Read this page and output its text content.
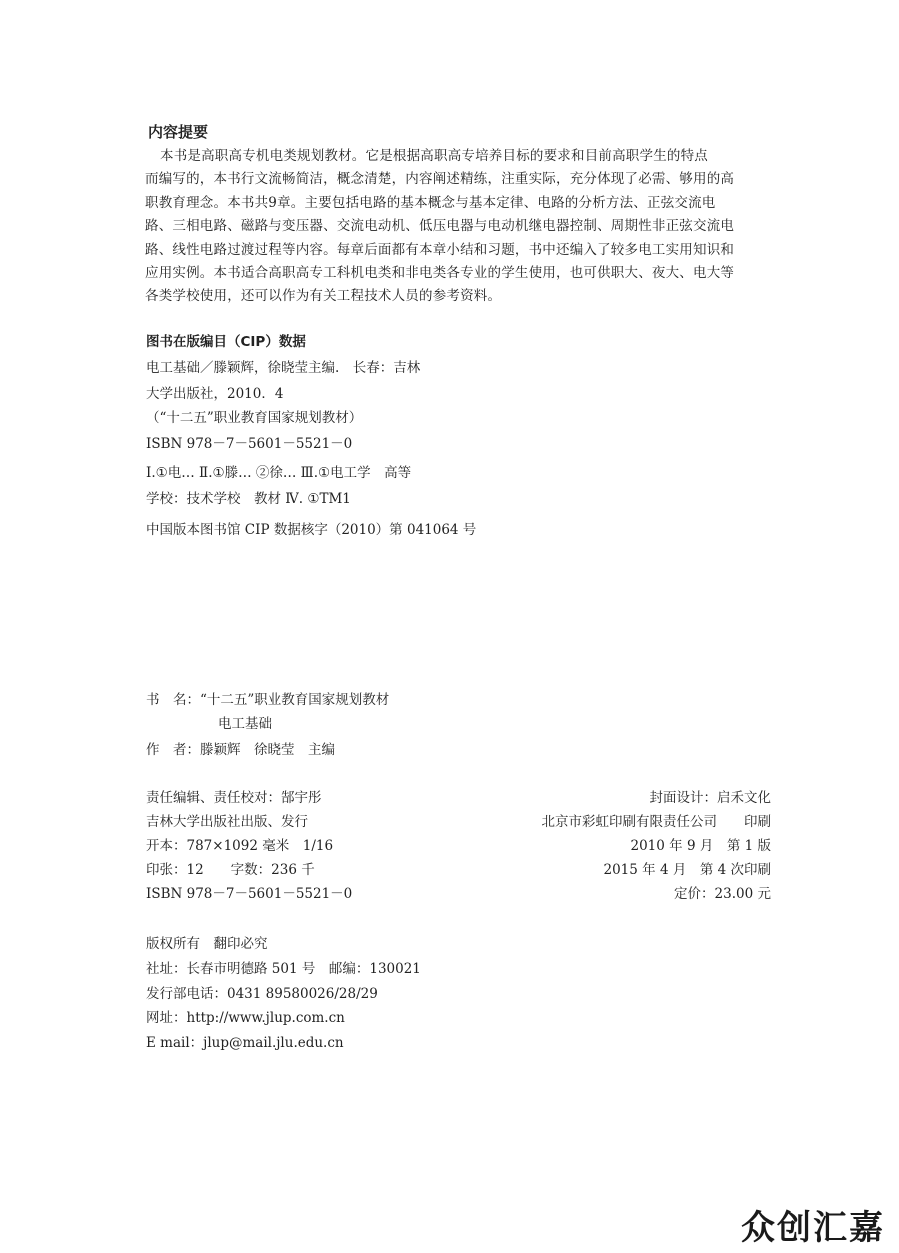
内容提要
本书是高职高专机电类规划教材。它是根据高职高专培养目标的要求和目前高职学生的特点
而编写的，本书行文流畅简洁，概念清楚，内容阐述精练，注重实际，充分体现了必需、够用的高
职教育理念。本书共9章。主要包括电路的基本概念与基本定律、电路的分析方法、正弦交流电
路、三相电路、磁路与变压器、交流电动机、低压电器与电动机继电器控制、周期性非正弦交流电
路、线性电路过渡过程等内容。每章后面都有本章小结和习题，书中还编入了较多电工实用知识和
应用实例。本书适合高职高专工科机电类和非电类各专业的学生使用，也可供职大、夜大、电大等
各类学校使用，还可以作为有关工程技术人员的参考资料。
图书在版编目（CIP）数据
电工基础／滕颖辉，徐晓莹主编.　长春：吉林
大学出版社，2010．4
（“十二五”职业教育国家规划教材）
ISBN 978－7－5601－5521－0
Ⅰ.①电… Ⅱ.①滕… ②徐… Ⅲ.①电工学　高等
学校：技术学校　教材 Ⅳ. ①TM1
中国版本图书馆 CIP 数据核字（2010）第 041064 号
书　名：“十二五”职业教育国家规划教材
电工基础
作　者：滕颖辉　徐晓莹　主编
责任编辑、责任校对：郜宇彤	封面设计：启禾文化
吉林大学出版社出版、发行	北京市彩虹印刷有限责任公司　　印刷
开本：787×1092 毫米　1/16	2010 年 9 月　第 1 版
印张：12　　字数：236 千	2015 年 4 月　第 4 次印刷
ISBN 978－7－5601－5521－0	定价：23.00 元
版权所有　翻印必究
社址：长春市明德路 501 号　邮编：130021
发行部电话：0431 89580026/28/29
网址：http://www.jlup.com.cn
E mail：jlup@mail.jlu.edu.cn
众创汇嘉
